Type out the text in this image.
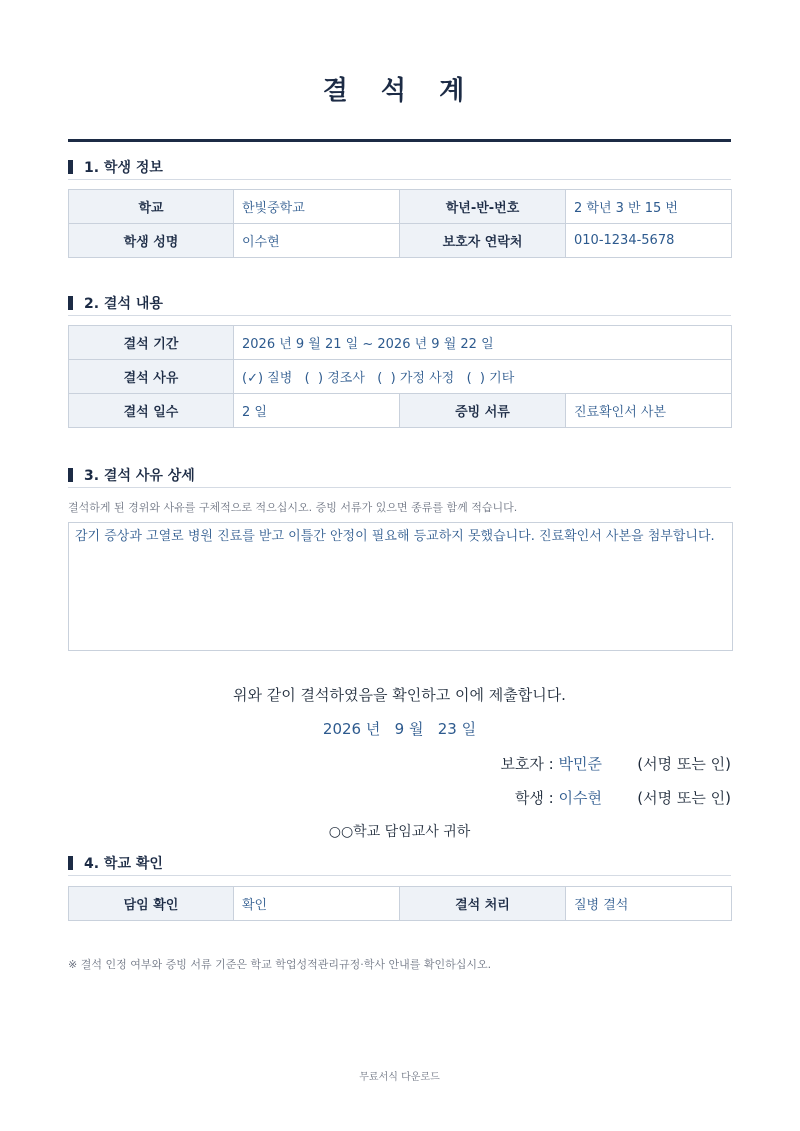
결 석 계
1. 학생 정보
학교	한빛중학교	학년-반-번호	2 학년 3 반 15 번
학생 성명	이수현	보호자 연락처	010-1234-5678
2. 결석 내용
결석 기간	2026 년 9 월 21 일 ~ 2026 년 9 월 22 일		
결석 사유	(✓) 질병   (  ) 경조사   (  ) 가정 사정   (  ) 기타		
결석 일수	2 일	증빙 서류	진료확인서 사본
3. 결석 사유 상세
결석하게 된 경위와 사유를 구체적으로 적으십시오. 증빙 서류가 있으면 종류를 함께 적습니다.
감기 증상과 고열로 병원 진료를 받고 이틀간 안정이 필요해 등교하지 못했습니다. 진료확인서 사본을 첨부합니다.
위와 같이 결석하였음을 확인하고 이에 제출합니다.
2026 년   9 월   23 일
보호자 : 박민준 (서명 또는 인)
학생 : 이수현 (서명 또는 인)
○○학교 담임교사 귀하
4. 학교 확인
담임 확인	확인	결석 처리	질병 결석
※ 결석 인정 여부와 증빙 서류 기준은 학교 학업성적관리규정·학사 안내를 확인하십시오.
무료서식 다운로드
